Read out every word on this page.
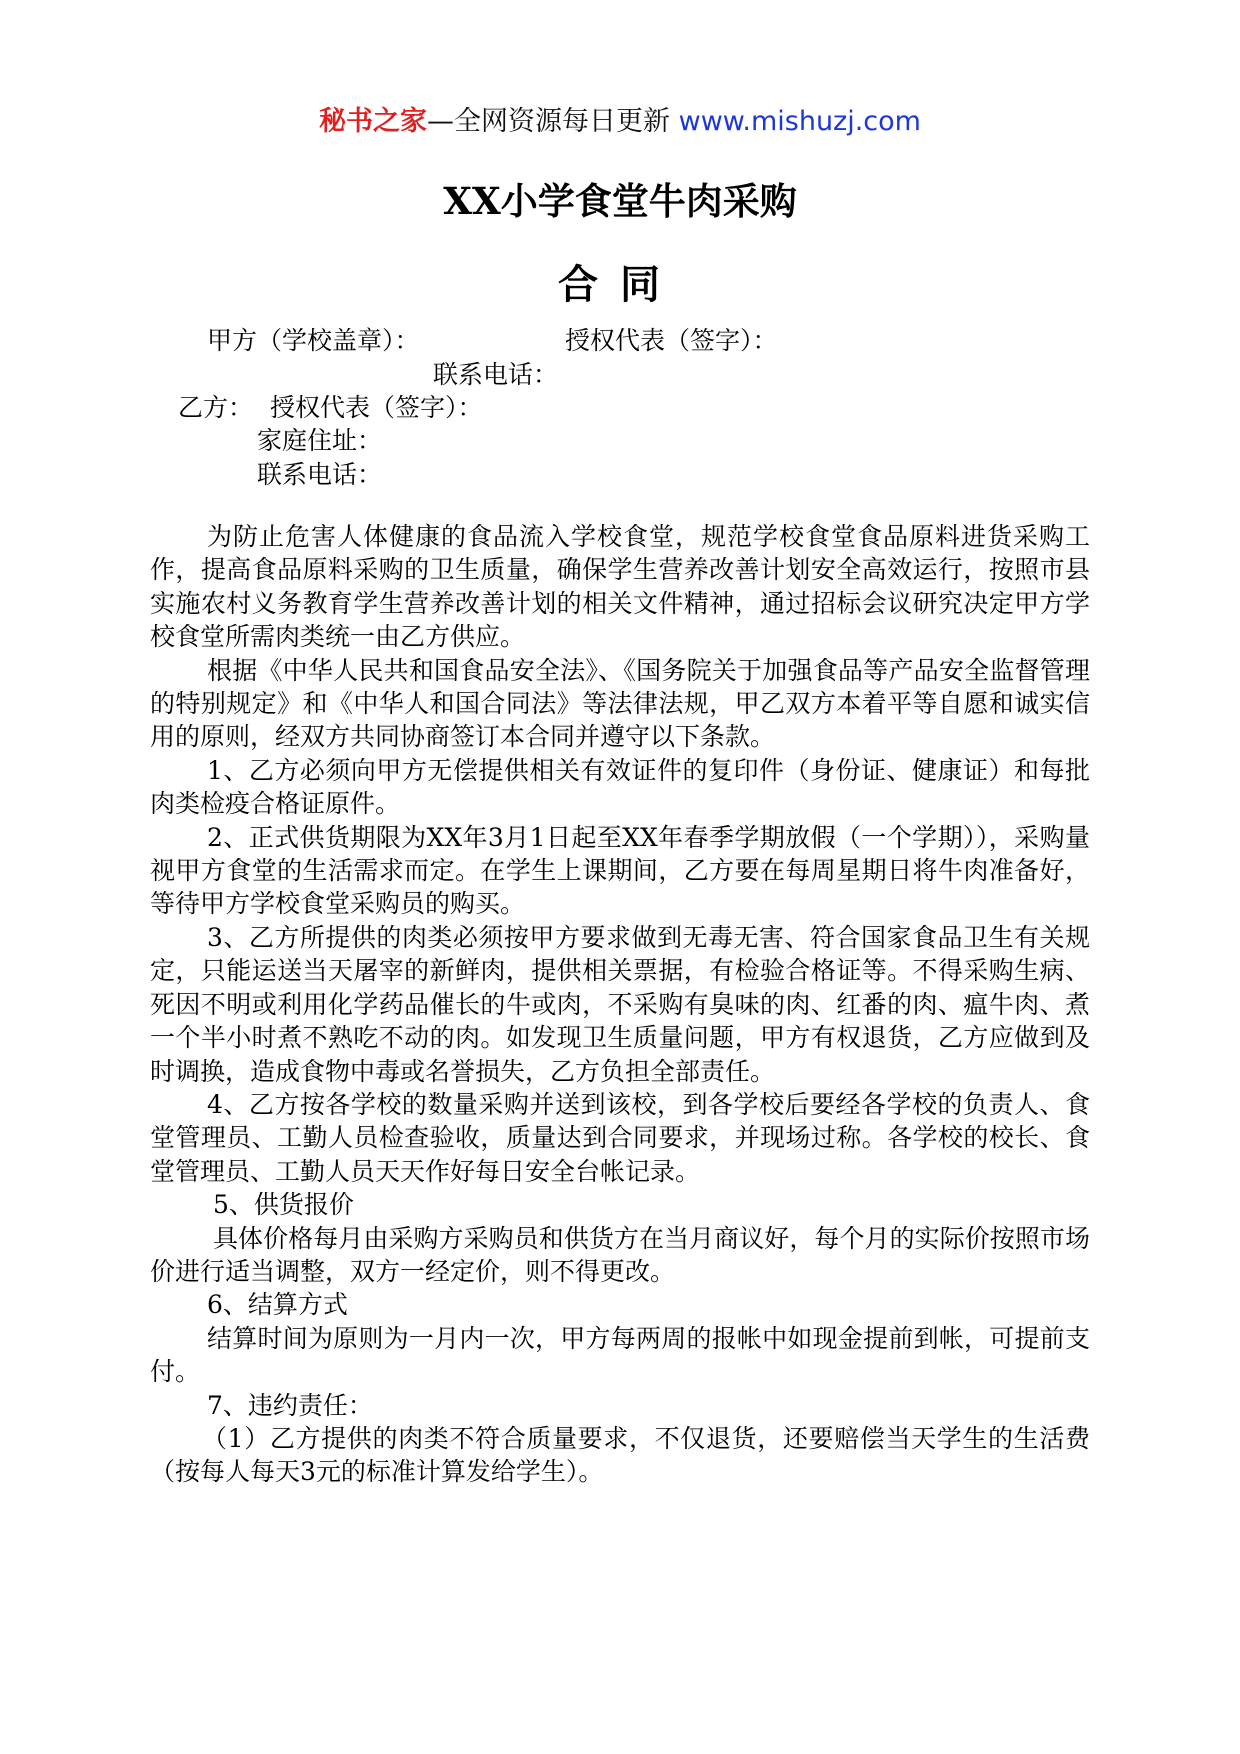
秘书之家—全网资源每日更新 www.mishuzj.com
XX小学食堂牛肉采购
合同
甲方（学校盖章）：	授权代表（签字）：
联系电话：
乙方： 授权代表（签字）：
家庭住址：
联系电话：

为防止危害人体健康的食品流入学校食堂，规范学校食堂食品原料进货采购工作，提高食品原料采购的卫生质量，确保学生营养改善计划安全高效运行，按照市县实施农村义务教育学生营养改善计划的相关文件精神，通过招标会议研究决定甲方学校食堂所需肉类统一由乙方供应。

根据《中华人民共和国食品安全法》、《国务院关于加强食品等产品安全监督管理的特别规定》和《中华人和国合同法》等法律法规，甲乙双方本着平等自愿和诚实信用的原则，经双方共同协商签订本合同并遵守以下条款。

1、乙方必须向甲方无偿提供相关有效证件的复印件（身份证、健康证）和每批肉类检疫合格证原件。

2、正式供货期限为XX年3月1日起至XX年春季学期放假（一个学期）），采购量视甲方食堂的生活需求而定。在学生上课期间，乙方要在每周星期日将牛肉准备好，等待甲方学校食堂采购员的购买。

3、乙方所提供的肉类必须按甲方要求做到无毒无害、符合国家食品卫生有关规定，只能运送当天屠宰的新鲜肉，提供相关票据，有检验合格证等。不得采购生病、死因不明或利用化学药品催长的牛或肉，不采购有臭味的肉、红番的肉、瘟牛肉、煮一个半小时煮不熟吃不动的肉。如发现卫生质量问题，甲方有权退货，乙方应做到及时调换，造成食物中毒或名誉损失，乙方负担全部责任。

4、乙方按各学校的数量采购并送到该校，到各学校后要经各学校的负责人、食堂管理员、工勤人员检查验收，质量达到合同要求，并现场过称。各学校的校长、食堂管理员、工勤人员天天作好每日安全台帐记录。

5、供货报价

具体价格每月由采购方采购员和供货方在当月商议好，每个月的实际价按照市场价进行适当调整，双方一经定价，则不得更改。

6、结算方式

结算时间为原则为一月内一次，甲方每两周的报帐中如现金提前到帐，可提前支付。

7、违约责任：

（1）乙方提供的肉类不符合质量要求，不仅退货，还要赔偿当天学生的生活费（按每人每天3元的标准计算发给学生）。
